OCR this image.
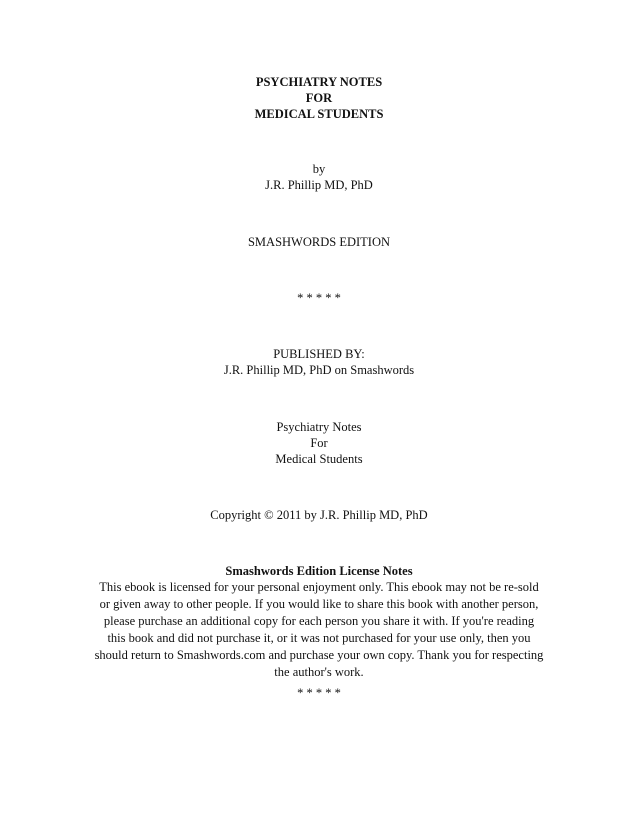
PSYCHIATRY NOTES
FOR
MEDICAL STUDENTS
by
J.R. Phillip MD, PhD
SMASHWORDS EDITION
* * * * *
PUBLISHED BY:
J.R. Phillip MD, PhD on Smashwords
Psychiatry Notes
For
Medical Students
Copyright © 2011 by J.R. Phillip MD, PhD
Smashwords Edition License Notes
This ebook is licensed for your personal enjoyment only. This ebook may not be re-sold
or given away to other people. If you would like to share this book with another person,
please purchase an additional copy for each person you share it with. If you're reading
this book and did not purchase it, or it was not purchased for your use only, then you
should return to Smashwords.com and purchase your own copy. Thank you for respecting
the author's work.
* * * * *
